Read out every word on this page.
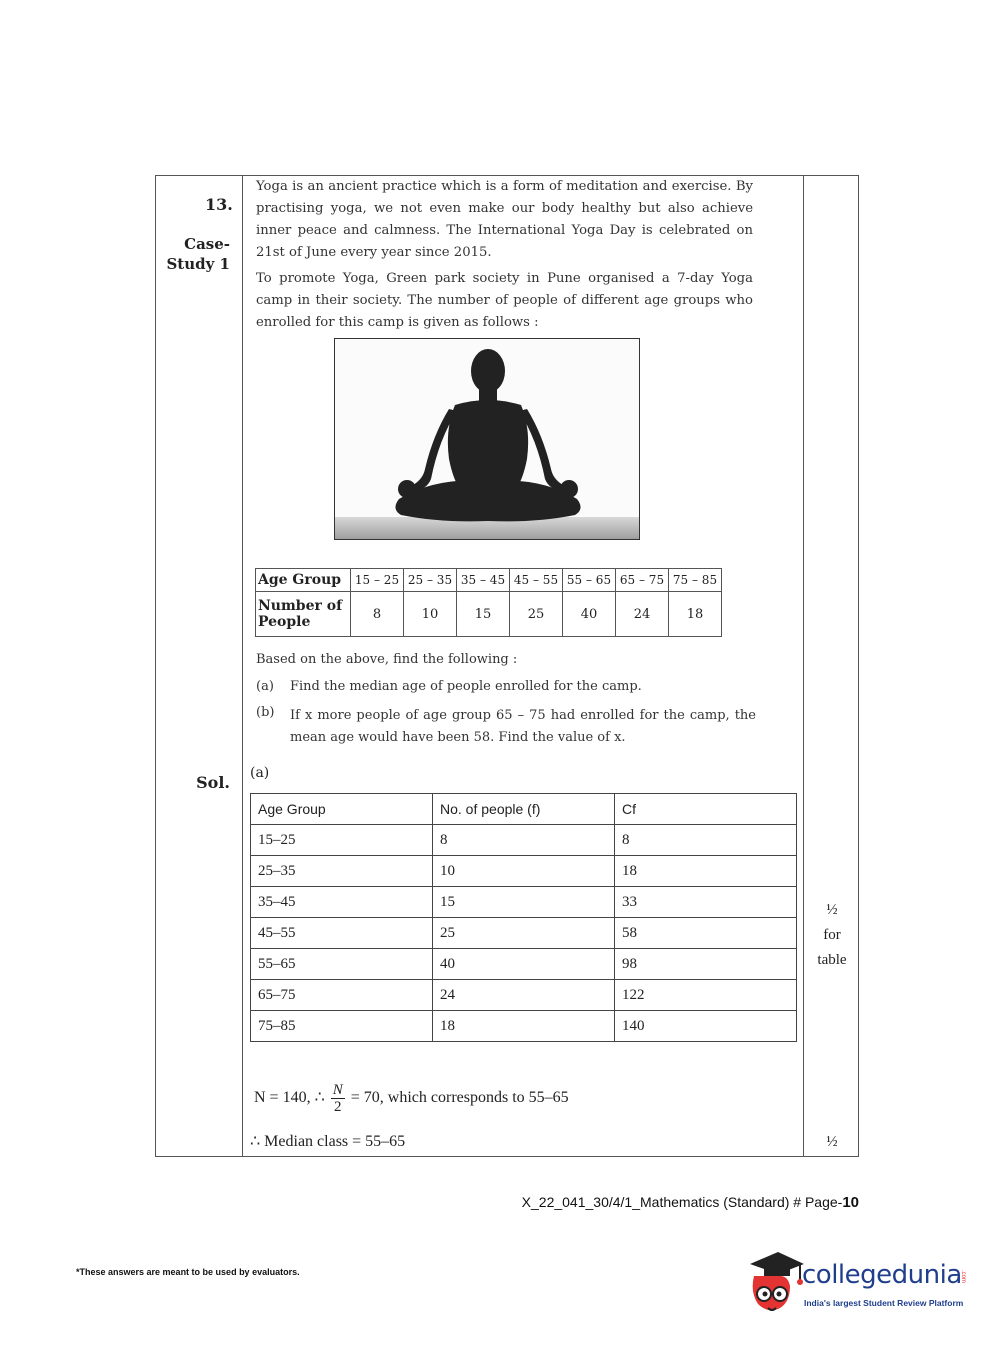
13.
Case-
Study 1
Sol.
Yoga is an ancient practice which is a form of meditation and exercise. By practising yoga, we not even make our body healthy but also achieve inner peace and calmness. The International Yoga Day is celebrated on 21st of June every year since 2015.
To promote Yoga, Green park society in Pune organised a 7-day Yoga camp in their society. The number of people of different age groups who enrolled for this camp is given as follows :
Age Group	15 – 25	25 – 35	35 – 45	45 – 55	55 – 65	65 – 75	75 – 85
Number of People	8	10	15	25	40	24	18
Based on the above, find the following :
(a) Find the median age of people enrolled for the camp.
(b) If x more people of age group 65 – 75 had enrolled for the camp, the mean age would have been 58. Find the value of x.
(a)
Age Group	No. of people (f)	Cf
15–25	8	8
25–35	10	18
35–45	15	33
45–55	25	58
55–65	40	98
65–75	24	122
75–85	18	140
N = 140, ∴ $\frac{N}{2} = 70$, which corresponds to 55–65
∴ Median class = 55–65
½
for
table
½
X_22_041_30/4/1_Mathematics (Standard) # Page-10
*These answers are meant to be used by evaluators.	collegedunia
.com
India's largest Student Review Platform
